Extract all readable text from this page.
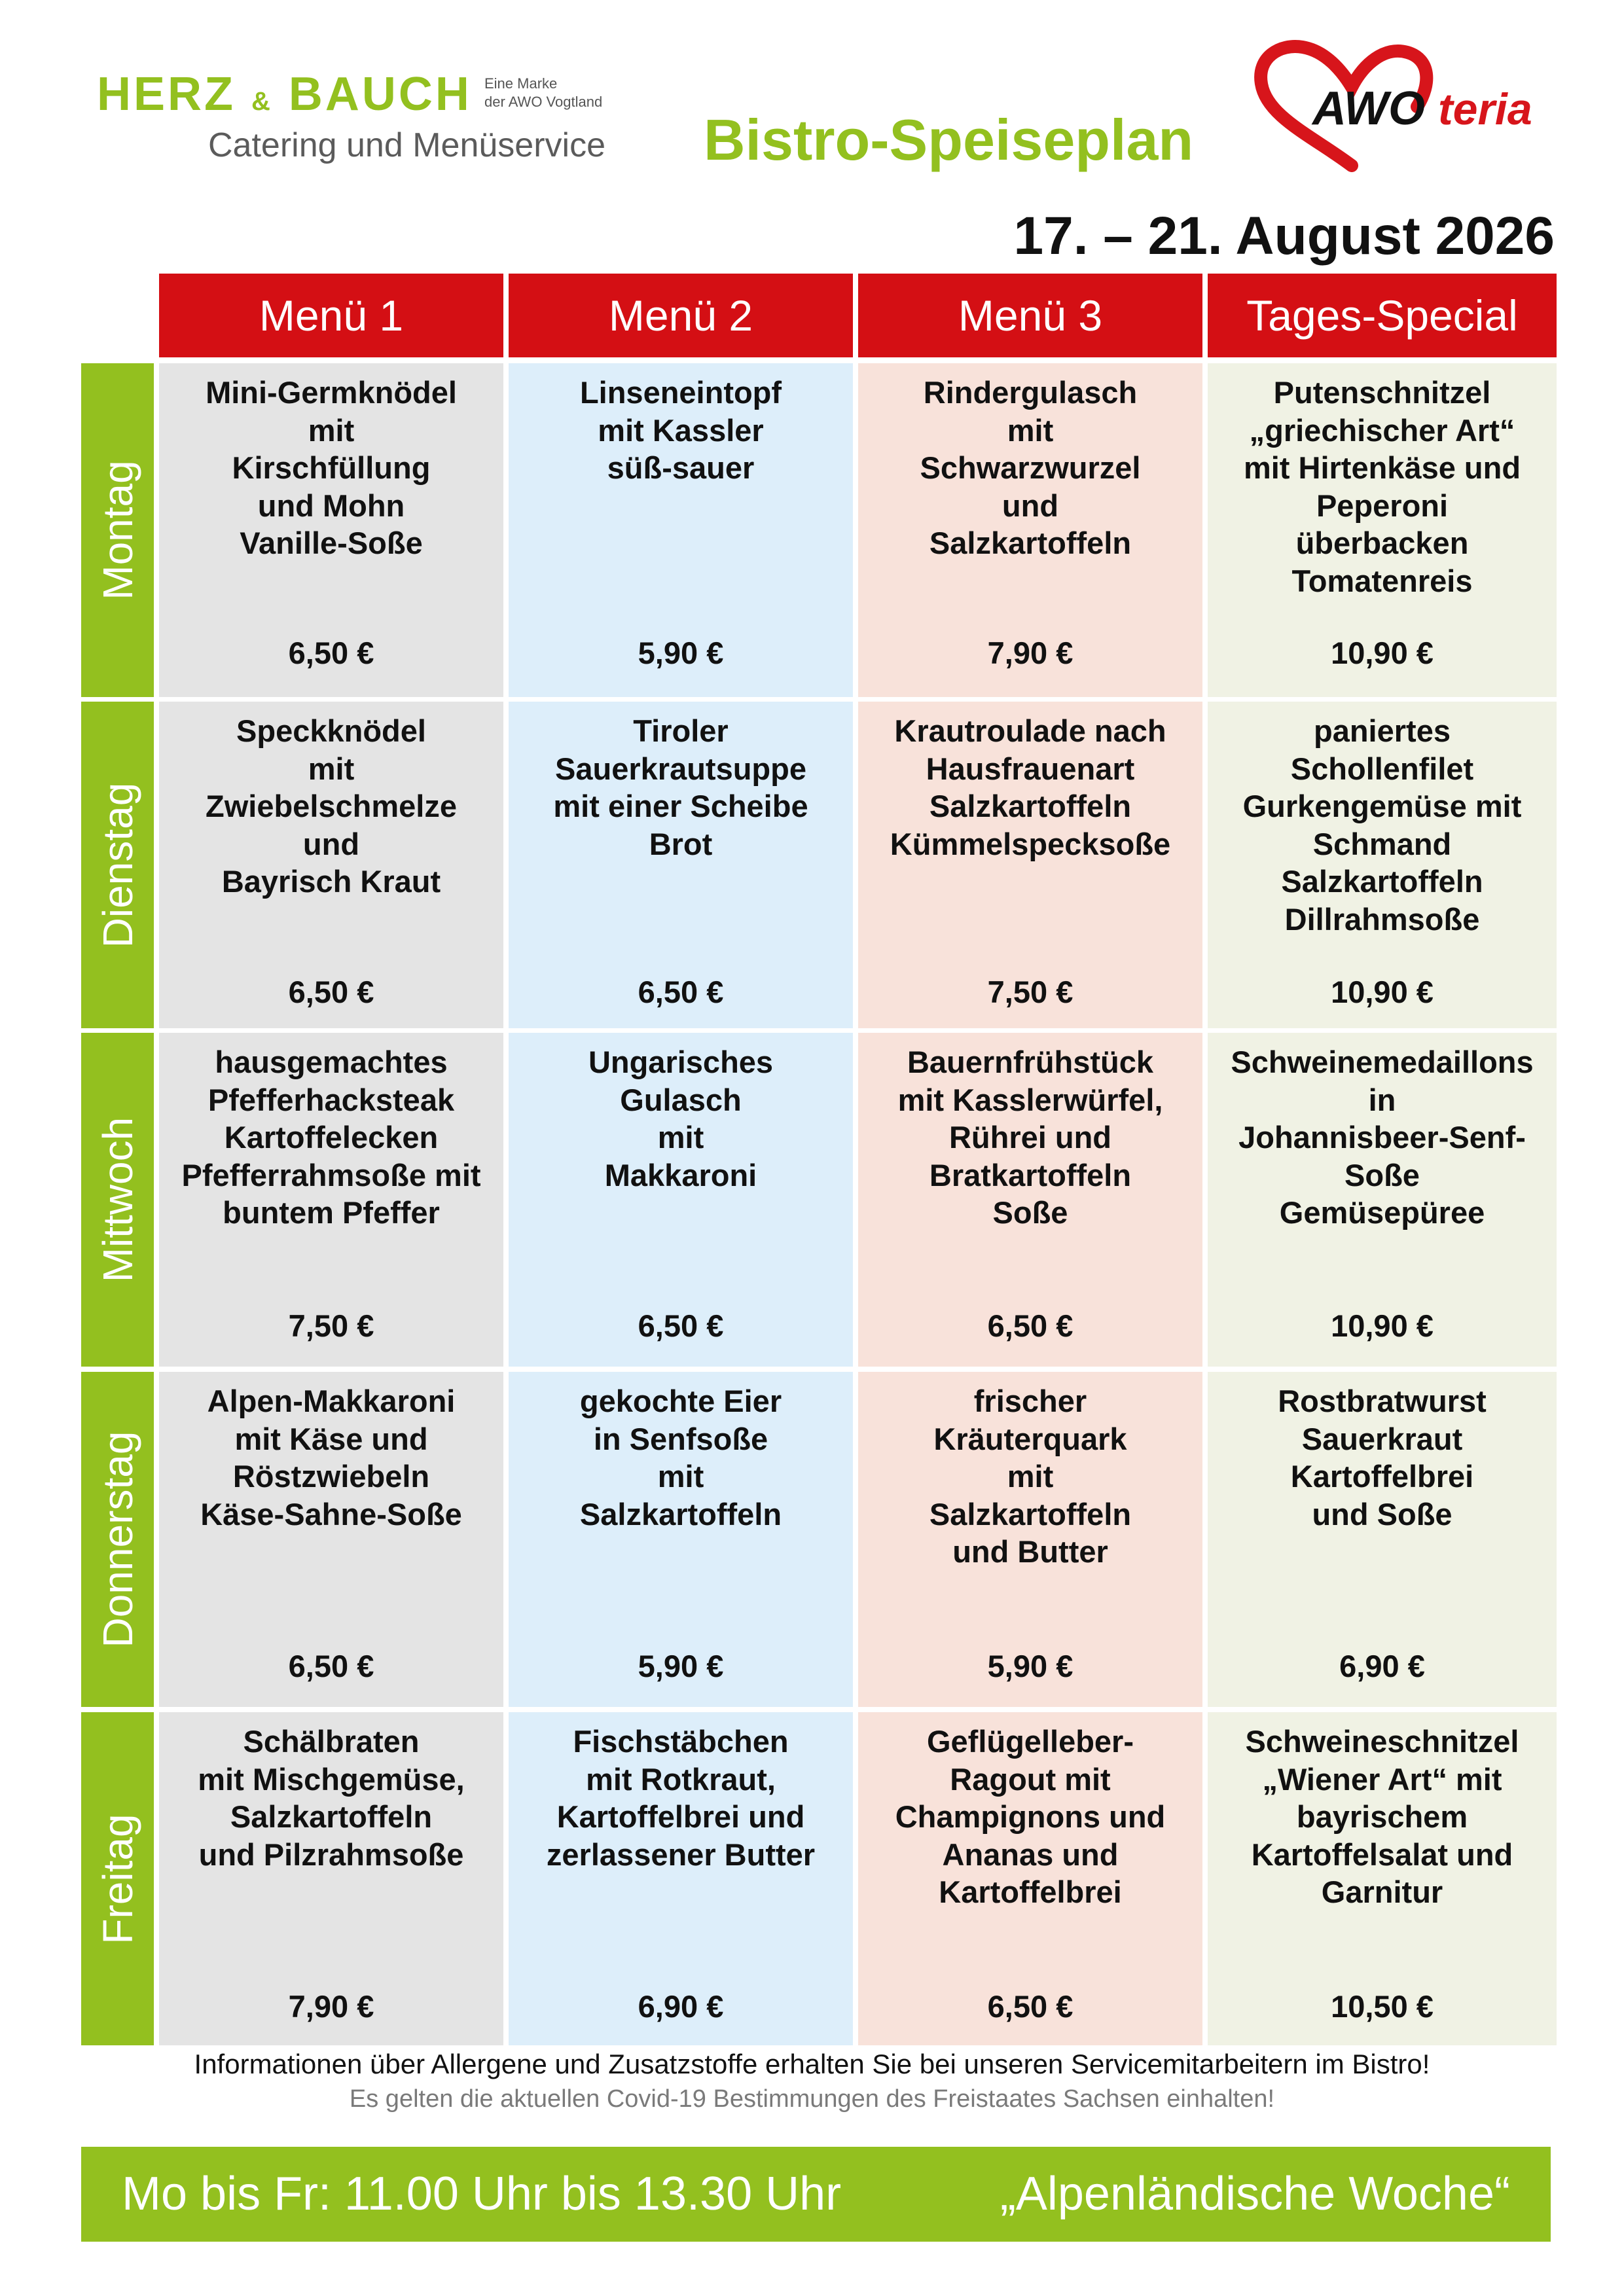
HERZ & BAUCH Eine Marke
der AWO Vogtland
Catering und Menüservice Bistro-Speiseplan	AWO teria
17. – 21. August 2026
Menü 1	Menü 2	Menü 3	Tages-Special
Montag
Mini-Germknödel
mit
Kirschfüllung
und Mohn
Vanille-Soße
6,50 €
Linseneintopf
mit Kassler
süß-sauer
5,90 €
Rindergulasch
mit
Schwarzwurzel
und
Salzkartoffeln
7,90 €
Putenschnitzel
„griechischer Art“
mit Hirtenkäse und
Peperoni
überbacken
Tomatenreis
10,90 €
Dienstag
Speckknödel
mit
Zwiebelschmelze
und
Bayrisch Kraut
6,50 €
Tiroler
Sauerkrautsuppe
mit einer Scheibe
Brot
6,50 €
Krautroulade nach
Hausfrauenart
Salzkartoffeln
Kümmelspecksoße
7,50 €
paniertes
Schollenfilet
Gurkengemüse mit
Schmand
Salzkartoffeln
Dillrahmsoße
10,90 €
Mittwoch
hausgemachtes
Pfefferhacksteak
Kartoffelecken
Pfefferrahmsoße mit
buntem Pfeffer
7,50 €
Ungarisches
Gulasch
mit
Makkaroni
6,50 €
Bauernfrühstück
mit Kasslerwürfel,
Rührei und
Bratkartoffeln
Soße
6,50 €
Schweinemedaillons
in
Johannisbeer-Senf-
Soße
Gemüsepüree
10,90 €
Donnerstag
Alpen-Makkaroni
mit Käse und
Röstzwiebeln
Käse-Sahne-Soße
6,50 €
gekochte Eier
in Senfsoße
mit
Salzkartoffeln
5,90 €
frischer
Kräuterquark
mit
Salzkartoffeln
und Butter
5,90 €
Rostbratwurst
Sauerkraut
Kartoffelbrei
und Soße
6,90 €
Freitag
Schälbraten
mit Mischgemüse,
Salzkartoffeln
und Pilzrahmsoße
7,90 €
Fischstäbchen
mit Rotkraut,
Kartoffelbrei und
zerlassener Butter
6,90 €
Geflügelleber-
Ragout mit
Champignons und
Ananas und
Kartoffelbrei
6,50 €
Schweineschnitzel
„Wiener Art“ mit
bayrischem
Kartoffelsalat und
Garnitur
10,50 €
Informationen über Allergene und Zusatzstoffe erhalten Sie bei unseren Servicemitarbeitern im Bistro!
Es gelten die aktuellen Covid-19 Bestimmungen des Freistaates Sachsen einhalten!
Mo bis Fr: 11.00 Uhr bis 13.30 Uhr	„Alpenländische Woche“
